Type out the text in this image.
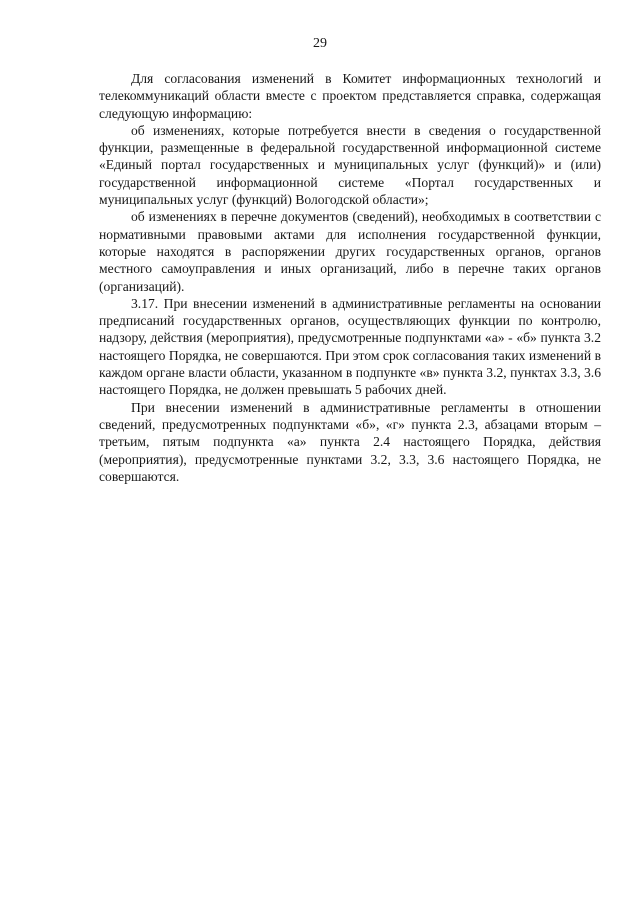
29

Для согласования изменений в Комитет информационных технологий и телекоммуникаций области вместе с проектом представляется справка, содержащая следующую информацию:

об изменениях, которые потребуется внести в сведения о государственной функции, размещенные в федеральной государственной информационной системе «Единый портал государственных и муниципальных услуг (функций)» и (или) государственной информационной системе «Портал государственных и муниципальных услуг (функций) Вологодской области»;

об изменениях в перечне документов (сведений), необходимых в соответствии с нормативными правовыми актами для исполнения государственной функции, которые находятся в распоряжении других государственных органов, органов местного самоуправления и иных организаций, либо в перечне таких органов (организаций).

3.17. При внесении изменений в административные регламенты на основании предписаний государственных органов, осуществляющих функции по контролю, надзору, действия (мероприятия), предусмотренные подпунктами «а» - «б» пункта 3.2 настоящего Порядка, не совершаются. При этом срок согласования таких изменений в каждом органе власти области, указанном в подпункте «в» пункта 3.2, пунктах 3.3, 3.6 настоящего Порядка, не должен превышать 5 рабочих дней.

При внесении изменений в административные регламенты в отношении сведений, предусмотренных подпунктами «б», «г» пункта 2.3, абзацами вторым – третьим, пятым подпункта «а» пункта 2.4 настоящего Порядка, действия (мероприятия), предусмотренные пунктами 3.2, 3.3, 3.6 настоящего Порядка, не совершаются.
